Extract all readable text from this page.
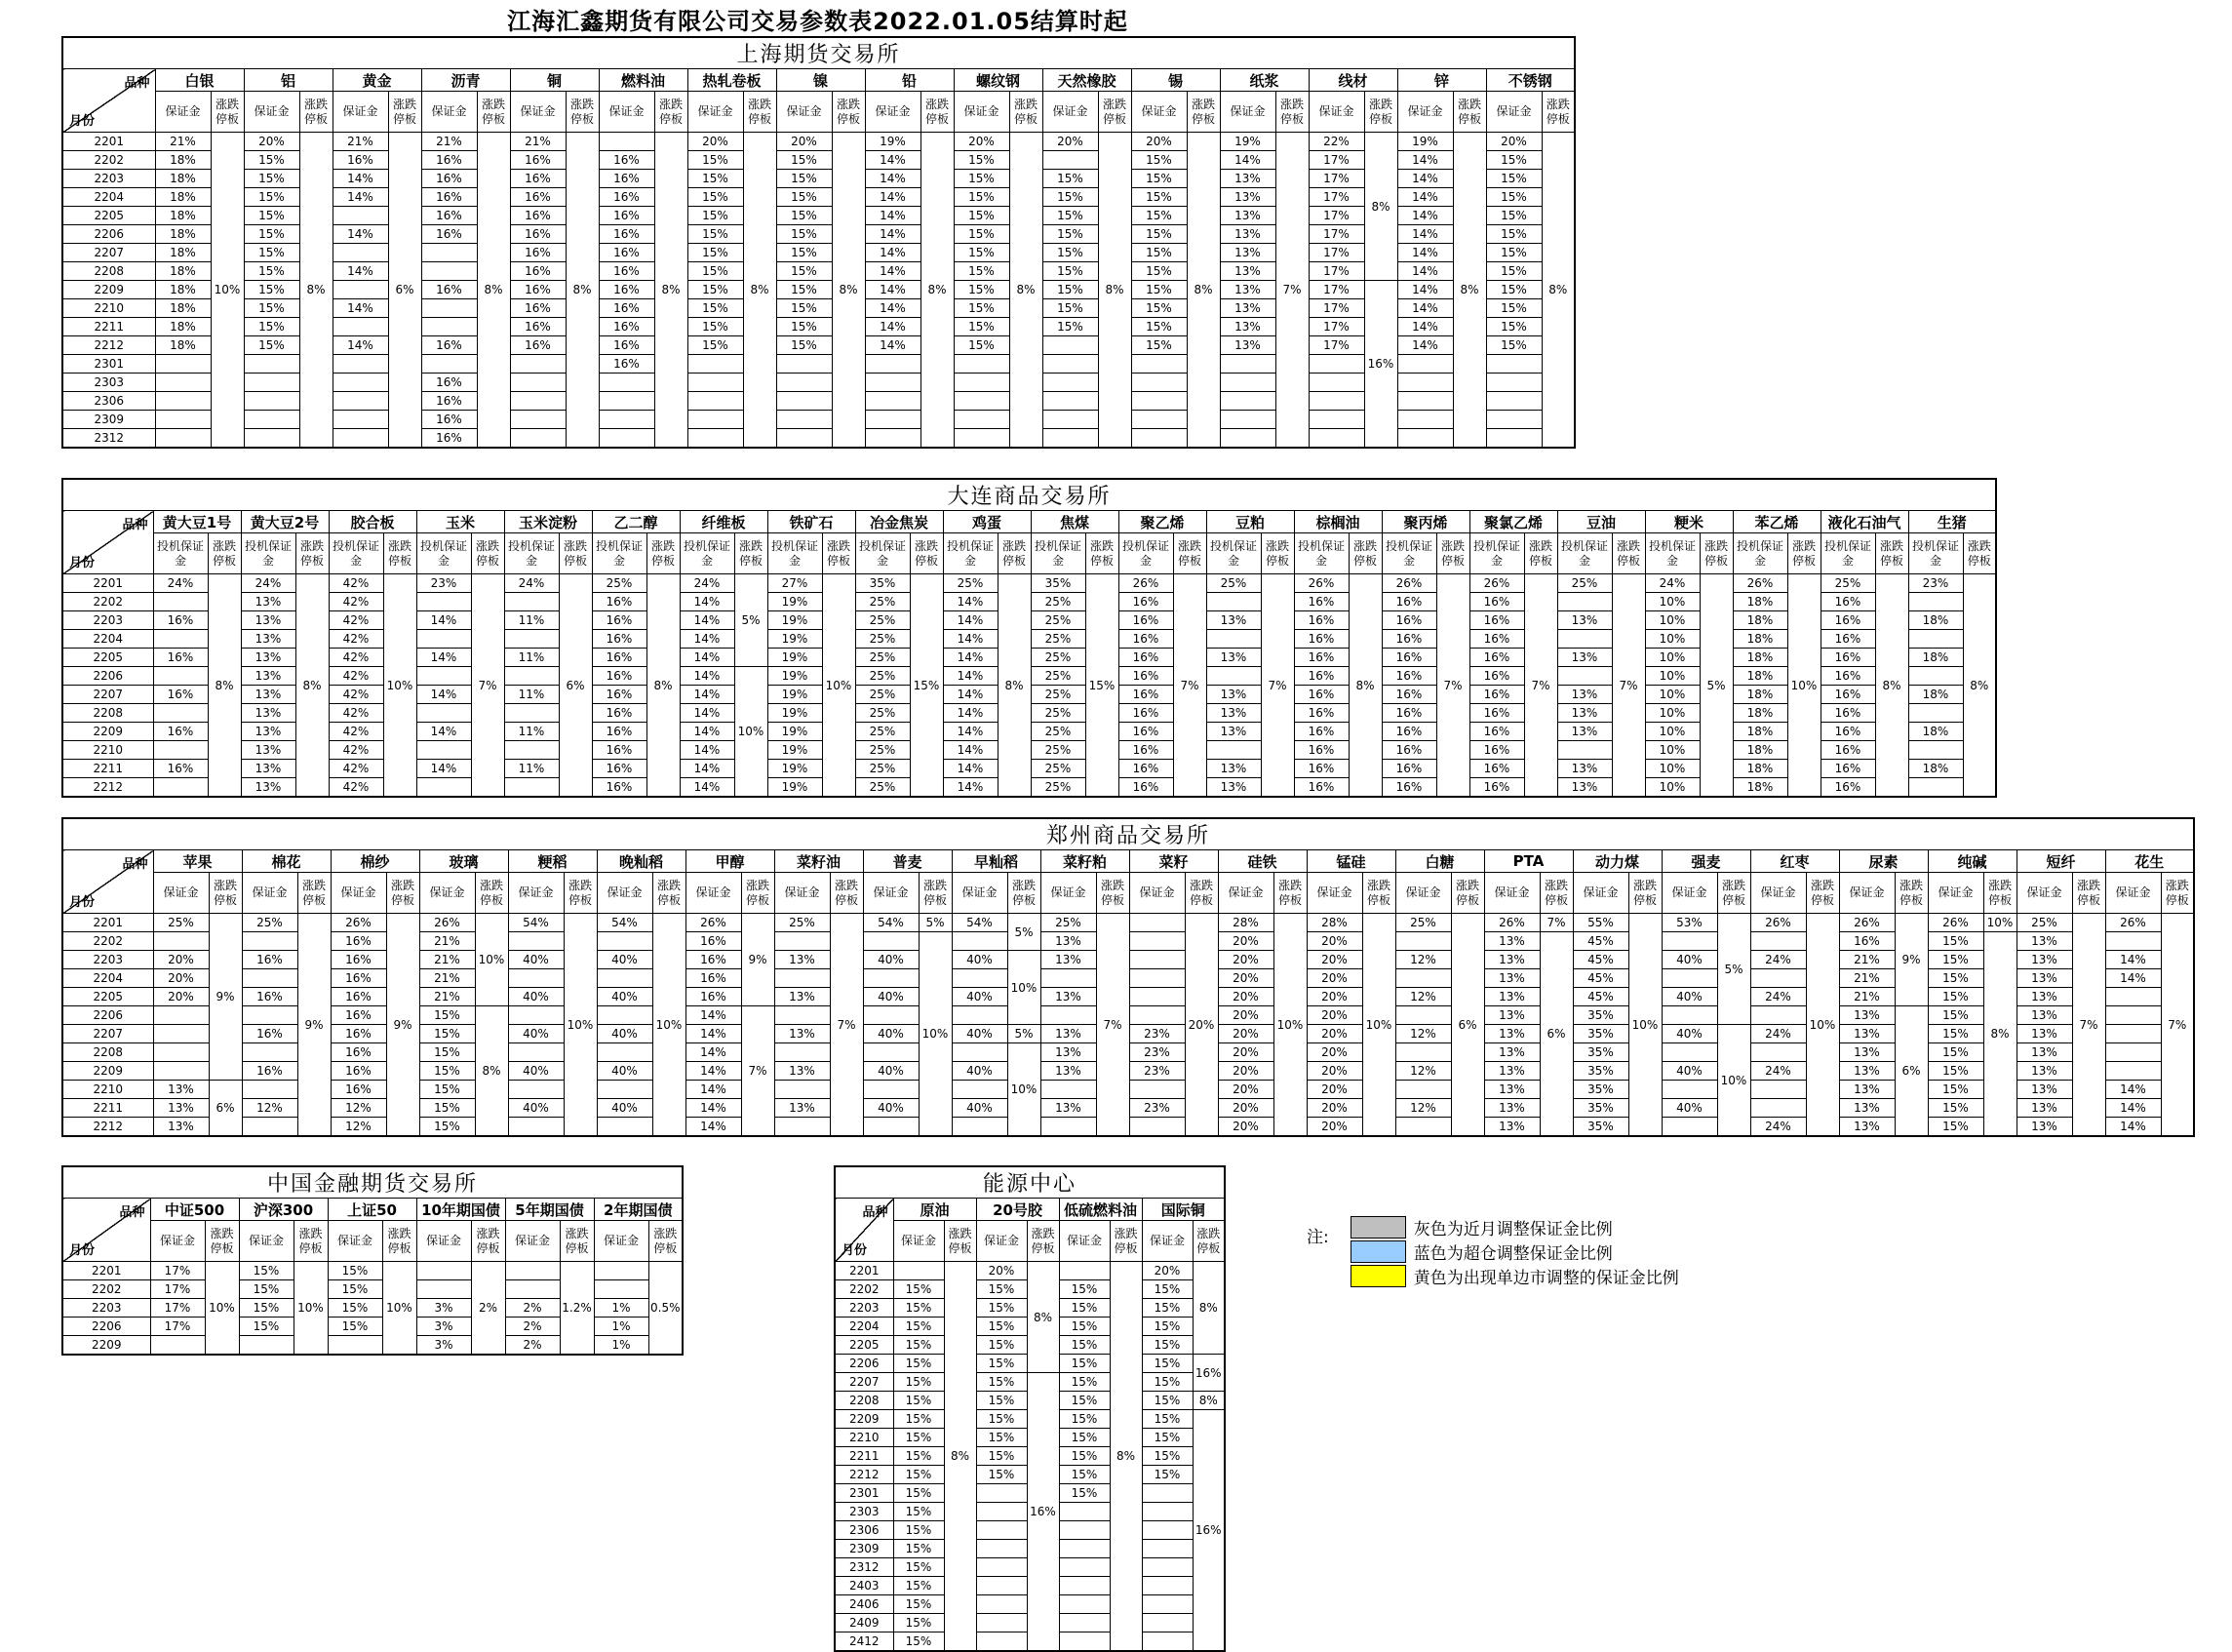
江海汇鑫期货有限公司交易参数表2022.01.05结算时起
上海期货交易所																																

品种
月份	白银		铝		黄金		沥青		铜		燃料油		热轧卷板		镍		铅		螺纹钢		天然橡胶		锡		纸浆		线材		锌		不锈钢	
	保证金	涨跌停板	保证金	涨跌停板	保证金	涨跌停板	保证金	涨跌停板	保证金	涨跌停板	保证金	涨跌停板	保证金	涨跌停板	保证金	涨跌停板	保证金	涨跌停板	保证金	涨跌停板	保证金	涨跌停板	保证金	涨跌停板	保证金	涨跌停板	保证金	涨跌停板	保证金	涨跌停板	保证金	涨跌停板
2201	21%	10%	20%	8%	21%	6%	21%	8%	21%	8%		8%	20%	8%	20%	8%	19%	8%	20%	8%	20%	8%	20%	8%	19%	7%	22%	8%	19%	8%	20%	8%
2202	18%		15%		16%		16%		16%		16%		15%		15%		14%		15%				15%		14%		17%		14%		15%	
2203	18%		15%		14%		16%		16%		16%		15%		15%		14%		15%		15%		15%		13%		17%		14%		15%	
2204	18%		15%		14%		16%		16%		16%		15%		15%		14%		15%		15%		15%		13%		17%		14%		15%	
2205	18%		15%				16%		16%		16%		15%		15%		14%		15%		15%		15%		13%		17%		14%		15%	
2206	18%		15%		14%		16%		16%		16%		15%		15%		14%		15%		15%		15%		13%		17%		14%		15%	
2207	18%		15%						16%		16%		15%		15%		14%		15%		15%		15%		13%		17%		14%		15%	
2208	18%		15%		14%				16%		16%		15%		15%		14%		15%		15%		15%		13%		17%		14%		15%	
2209	18%		15%				16%		16%		16%		15%		15%		14%		15%		15%		15%		13%		17%	16%	14%		15%	
2210	18%		15%		14%				16%		16%		15%		15%		14%		15%		15%		15%		13%		17%		14%		15%	
2211	18%		15%						16%		16%		15%		15%		14%		15%		15%		15%		13%		17%		14%		15%	
2212	18%		15%		14%		16%		16%		16%		15%		15%		14%		15%				15%		13%		17%		14%		15%	
2301											16%																					
2303							16%																									
2306							16%																									
2309							16%																									
2312							16%																									
大连商品交易所																																										

品种
月份	黄大豆1号		黄大豆2号		胶合板		玉米		玉米淀粉		乙二醇		纤维板		铁矿石		冶金焦炭		鸡蛋		焦煤		聚乙烯		豆粕		棕榈油		聚丙烯		聚氯乙烯		豆油		粳米		苯乙烯		液化石油气		生猪	
	投机保证金	涨跌停板	投机保证金	涨跌停板	投机保证金	涨跌停板	投机保证金	涨跌停板	投机保证金	涨跌停板	投机保证金	涨跌停板	投机保证金	涨跌停板	投机保证金	涨跌停板	投机保证金	涨跌停板	投机保证金	涨跌停板	投机保证金	涨跌停板	投机保证金	涨跌停板	投机保证金	涨跌停板	投机保证金	涨跌停板	投机保证金	涨跌停板	投机保证金	涨跌停板	投机保证金	涨跌停板	投机保证金	涨跌停板	投机保证金	涨跌停板	投机保证金	涨跌停板	投机保证金	涨跌停板
2201	24%	8%	24%	8%	42%	10%	23%	7%	24%	6%	25%	8%	24%	5%	27%	10%	35%	15%	25%	8%	35%	15%	26%	7%	25%	7%	26%	8%	26%	7%	26%	7%	25%	7%	24%	5%	26%	10%	25%	8%	23%	8%
2202			13%		42%						16%		14%		19%		25%		14%		25%		16%				16%		16%		16%				10%		18%		16%			
2203	16%		13%		42%		14%		11%		16%		14%		19%		25%		14%		25%		16%		13%		16%		16%		16%		13%		10%		18%		16%		18%	
2204			13%		42%						16%		14%		19%		25%		14%		25%		16%				16%		16%		16%				10%		18%		16%			
2205	16%		13%		42%		14%		11%		16%		14%		19%		25%		14%		25%		16%		13%		16%		16%		16%		13%		10%		18%		16%		18%	
2206			13%		42%						16%		14%	10%	19%		25%		14%		25%		16%				16%		16%		16%				10%		18%		16%			
2207	16%		13%		42%		14%		11%		16%		14%		19%		25%		14%		25%		16%		13%		16%		16%		16%		13%		10%		18%		16%		18%	
2208			13%		42%						16%		14%		19%		25%		14%		25%		16%		13%		16%		16%		16%		13%		10%		18%		16%			
2209	16%		13%		42%		14%		11%		16%		14%		19%		25%		14%		25%		16%		13%		16%		16%		16%		13%		10%		18%		16%		18%	
2210			13%		42%						16%		14%		19%		25%		14%		25%		16%				16%		16%		16%				10%		18%		16%			
2211	16%		13%		42%		14%		11%		16%		14%		19%		25%		14%		25%		16%		13%		16%		16%		16%		13%		10%		18%		16%		18%	
2212			13%		42%						16%		14%		19%		25%		14%		25%		16%		13%		16%		16%		16%		13%		10%		18%		16%			
郑州商品交易所																																														

品种
月份	苹果		棉花		棉纱		玻璃		粳稻		晚籼稻		甲醇		菜籽油		普麦		早籼稻		菜籽粕		菜籽		硅铁		锰硅		白糖		PTA		动力煤		强麦		红枣		尿素		纯碱		短纤		花生	
	保证金	涨跌停板	保证金	涨跌停板	保证金	涨跌停板	保证金	涨跌停板	保证金	涨跌停板	保证金	涨跌停板	保证金	涨跌停板	保证金	涨跌停板	保证金	涨跌停板	保证金	涨跌停板	保证金	涨跌停板	保证金	涨跌停板	保证金	涨跌停板	保证金	涨跌停板	保证金	涨跌停板	保证金	涨跌停板	保证金	涨跌停板	保证金	涨跌停板	保证金	涨跌停板	保证金	涨跌停板	保证金	涨跌停板	保证金	涨跌停板	保证金	涨跌停板
2201	25%	9%	25%	9%	26%	9%	26%	10%	54%	10%	54%	10%	26%	9%	25%	7%	54%	5%	54%	5%	25%	7%		20%	28%	10%	28%	10%	25%	6%	26%	7%	55%	10%	53%	5%	26%	10%	26%	9%	26%	10%	25%	7%	26%	7%
2202					16%		21%						16%					10%			13%				20%		20%				13%	6%	45%						16%		15%	8%	13%			
2203	20%		16%		16%		21%		40%		40%		16%		13%		40%		40%	10%	13%				20%		20%		12%		13%		45%		40%		24%		21%		15%		13%		14%	
2204	20%				16%		21%						16%												20%		20%				13%		45%						21%		15%		13%		14%	
2205	20%		16%		16%		21%		40%		40%		16%		13%		40%		40%		13%				20%		20%		12%		13%		45%		40%		24%		21%		15%		13%			
2206					16%		15%	8%					14%	7%											20%		20%				13%		35%						13%	6%	15%		13%			
2207			16%		16%		15%		40%		40%		14%		13%		40%		40%	5%	13%		23%		20%		20%		12%		13%		35%		40%	10%	24%		13%		15%		13%			
2208					16%		15%						14%							10%	13%		23%		20%		20%				13%		35%						13%		15%		13%			
2209			16%		16%		15%		40%		40%		14%		13%		40%		40%		13%		23%		20%		20%		12%		13%		35%		40%		24%		13%		15%		13%			
2210	13%	6%			16%		15%						14%												20%		20%				13%		35%						13%		15%		13%		14%	
2211	13%		12%		12%		15%		40%		40%		14%		13%		40%		40%		13%		23%		20%		20%		12%		13%		35%		40%				13%		15%		13%		14%	
2212	13%				12%		15%						14%												20%		20%				13%		35%				24%		13%		15%		13%		14%	
中国金融期货交易所												

品种
月份	中证500		沪深300		上证50		10年期国债		5年期国债		2年期国债	
	保证金	涨跌停板	保证金	涨跌停板	保证金	涨跌停板	保证金	涨跌停板	保证金	涨跌停板	保证金	涨跌停板
2201	17%	10%	15%	10%	15%	10%		2%		1.2%		0.5%
2202	17%		15%		15%							
2203	17%		15%		15%		3%		2%		1%	
2206	17%		15%		15%		3%		2%		1%	
2209							3%		2%		1%	
能源中心								

品种
月份	原油		20号胶		低硫燃料油		国际铜	
	保证金	涨跌停板	保证金	涨跌停板	保证金	涨跌停板	保证金	涨跌停板
2201		8%	20%	8%		8%	20%	8%
2202	15%		15%		15%		15%	
2203	15%		15%		15%		15%	
2204	15%		15%		15%		15%	
2205	15%		15%		15%		15%	
2206	15%		15%		15%		15%	16%
2207	15%		15%	16%	15%		15%	
2208	15%		15%		15%		15%	8%
2209	15%		15%		15%		15%	16%
2210	15%		15%		15%		15%	
2211	15%		15%		15%		15%	
2212	15%		15%		15%		15%	
2301	15%				15%			
2303	15%							
2306	15%							
2309	15%							
2312	15%							
2403	15%							
2406	15%							
2409	15%							
2412	15%							
注:	灰色为近月调整保证金比例
蓝色为超仓调整保证金比例
黄色为出现单边市调整的保证金比例
